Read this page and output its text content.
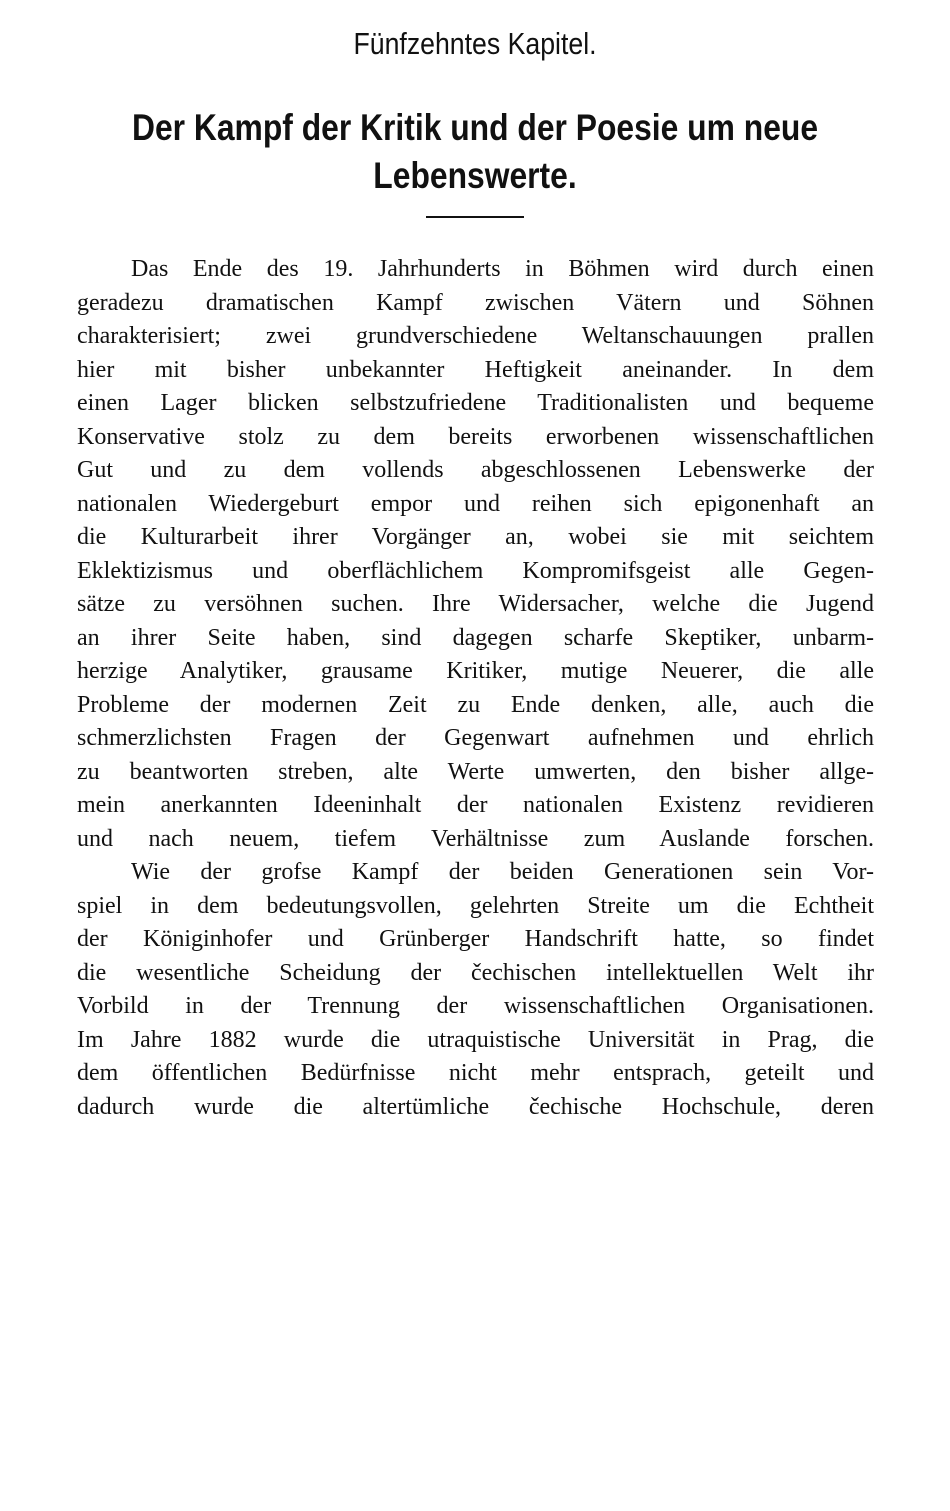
Fünfzehntes Kapitel.
Der Kampf der Kritik und der Poesie um neue
Lebenswerte.
Das Ende des 19. Jahrhunderts in Böhmen wird durch einen
geradezu dramatischen Kampf zwischen Vätern und Söhnen
charakterisiert; zwei grundverschiedene Weltanschauungen prallen
hier mit bisher unbekannter Heftigkeit aneinander. In dem
einen Lager blicken selbstzufriedene Traditionalisten und bequeme
Konservative stolz zu dem bereits erworbenen wissenschaftlichen
Gut und zu dem vollends abgeschlossenen Lebenswerke der
nationalen Wiedergeburt empor und reihen sich epigonenhaft an
die Kulturarbeit ihrer Vorgänger an, wobei sie mit seichtem
Eklektizismus und oberflächlichem Kompromifsgeist alle Gegen-
sätze zu versöhnen suchen. Ihre Widersacher, welche die Jugend
an ihrer Seite haben, sind dagegen scharfe Skeptiker, unbarm-
herzige Analytiker, grausame Kritiker, mutige Neuerer, die alle
Probleme der modernen Zeit zu Ende denken, alle, auch die
schmerzlichsten Fragen der Gegenwart aufnehmen und ehrlich
zu beantworten streben, alte Werte umwerten, den bisher allge-
mein anerkannten Ideeninhalt der nationalen Existenz revidieren
und nach neuem, tiefem Verhältnisse zum Auslande forschen.
Wie der grofse Kampf der beiden Generationen sein Vor-
spiel in dem bedeutungsvollen, gelehrten Streite um die Echtheit
der Königinhofer und Grünberger Handschrift hatte, so findet
die wesentliche Scheidung der čechischen intellektuellen Welt ihr
Vorbild in der Trennung der wissenschaftlichen Organisationen.
Im Jahre 1882 wurde die utraquistische Universität in Prag, die
dem öffentlichen Bedürfnisse nicht mehr entsprach, geteilt und
dadurch wurde die altertümliche čechische Hochschule, deren
